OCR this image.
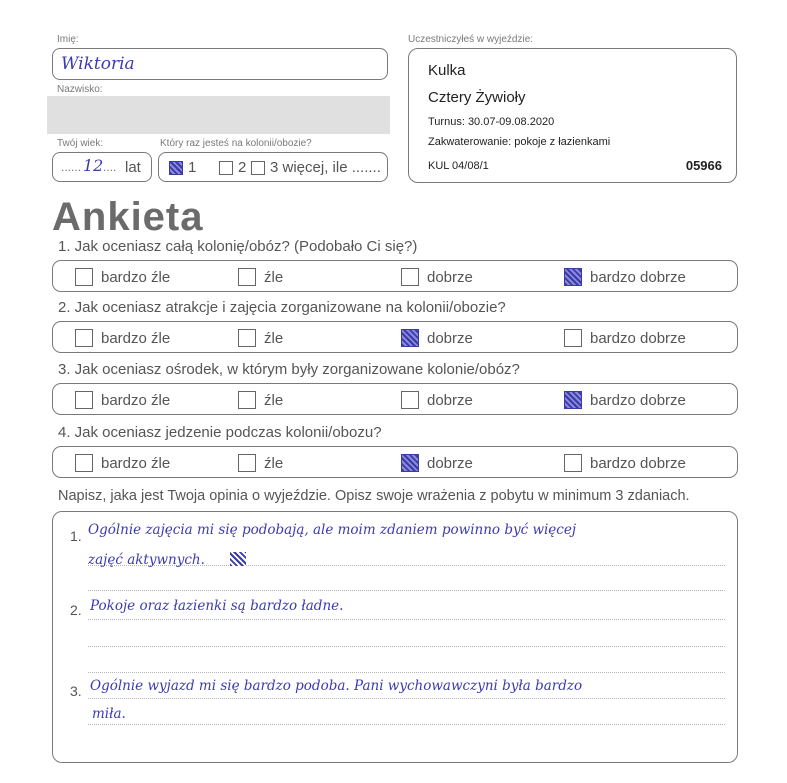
Imię:
Wiktoria
Nazwisko:
Twój wiek:
...... 12 .... lat
Który raz jesteś na kolonii/obozie?
1	2 3 więcej, ile .......
Uczestniczyłeś w wyjeździe:
Kulka
Cztery Żywioły
Turnus: 30.07-09.08.2020
Zakwaterowanie: pokoje z łazienkami
KUL 04/08/1	05966
Ankieta
1. Jak oceniasz całą kolonię/obóz? (Podobało Ci się?)
bardzo źle	źle	dobrze	bardzo dobrze
2. Jak oceniasz atrakcje i zajęcia zorganizowane na kolonii/obozie?
bardzo źle	źle	dobrze	bardzo dobrze
3. Jak oceniasz ośrodek, w którym były zorganizowane kolonie/obóz?
bardzo źle	źle	dobrze	bardzo dobrze
4. Jak oceniasz jedzenie podczas kolonii/obozu?
bardzo źle	źle	dobrze	bardzo dobrze
Napisz, jaka jest Twoja opinia o wyjeździe. Opisz swoje wrażenia z pobytu w minimum 3 zdaniach.
1. Ogólnie zajęcia mi się podobają, ale moim zdaniem powinno być więcej
zajęć aktywnych.
2. Pokoje oraz łazienki są bardzo ładne.
3. Ogólnie wyjazd mi się bardzo podoba. Pani wychowawczyni była bardzo
miła.
